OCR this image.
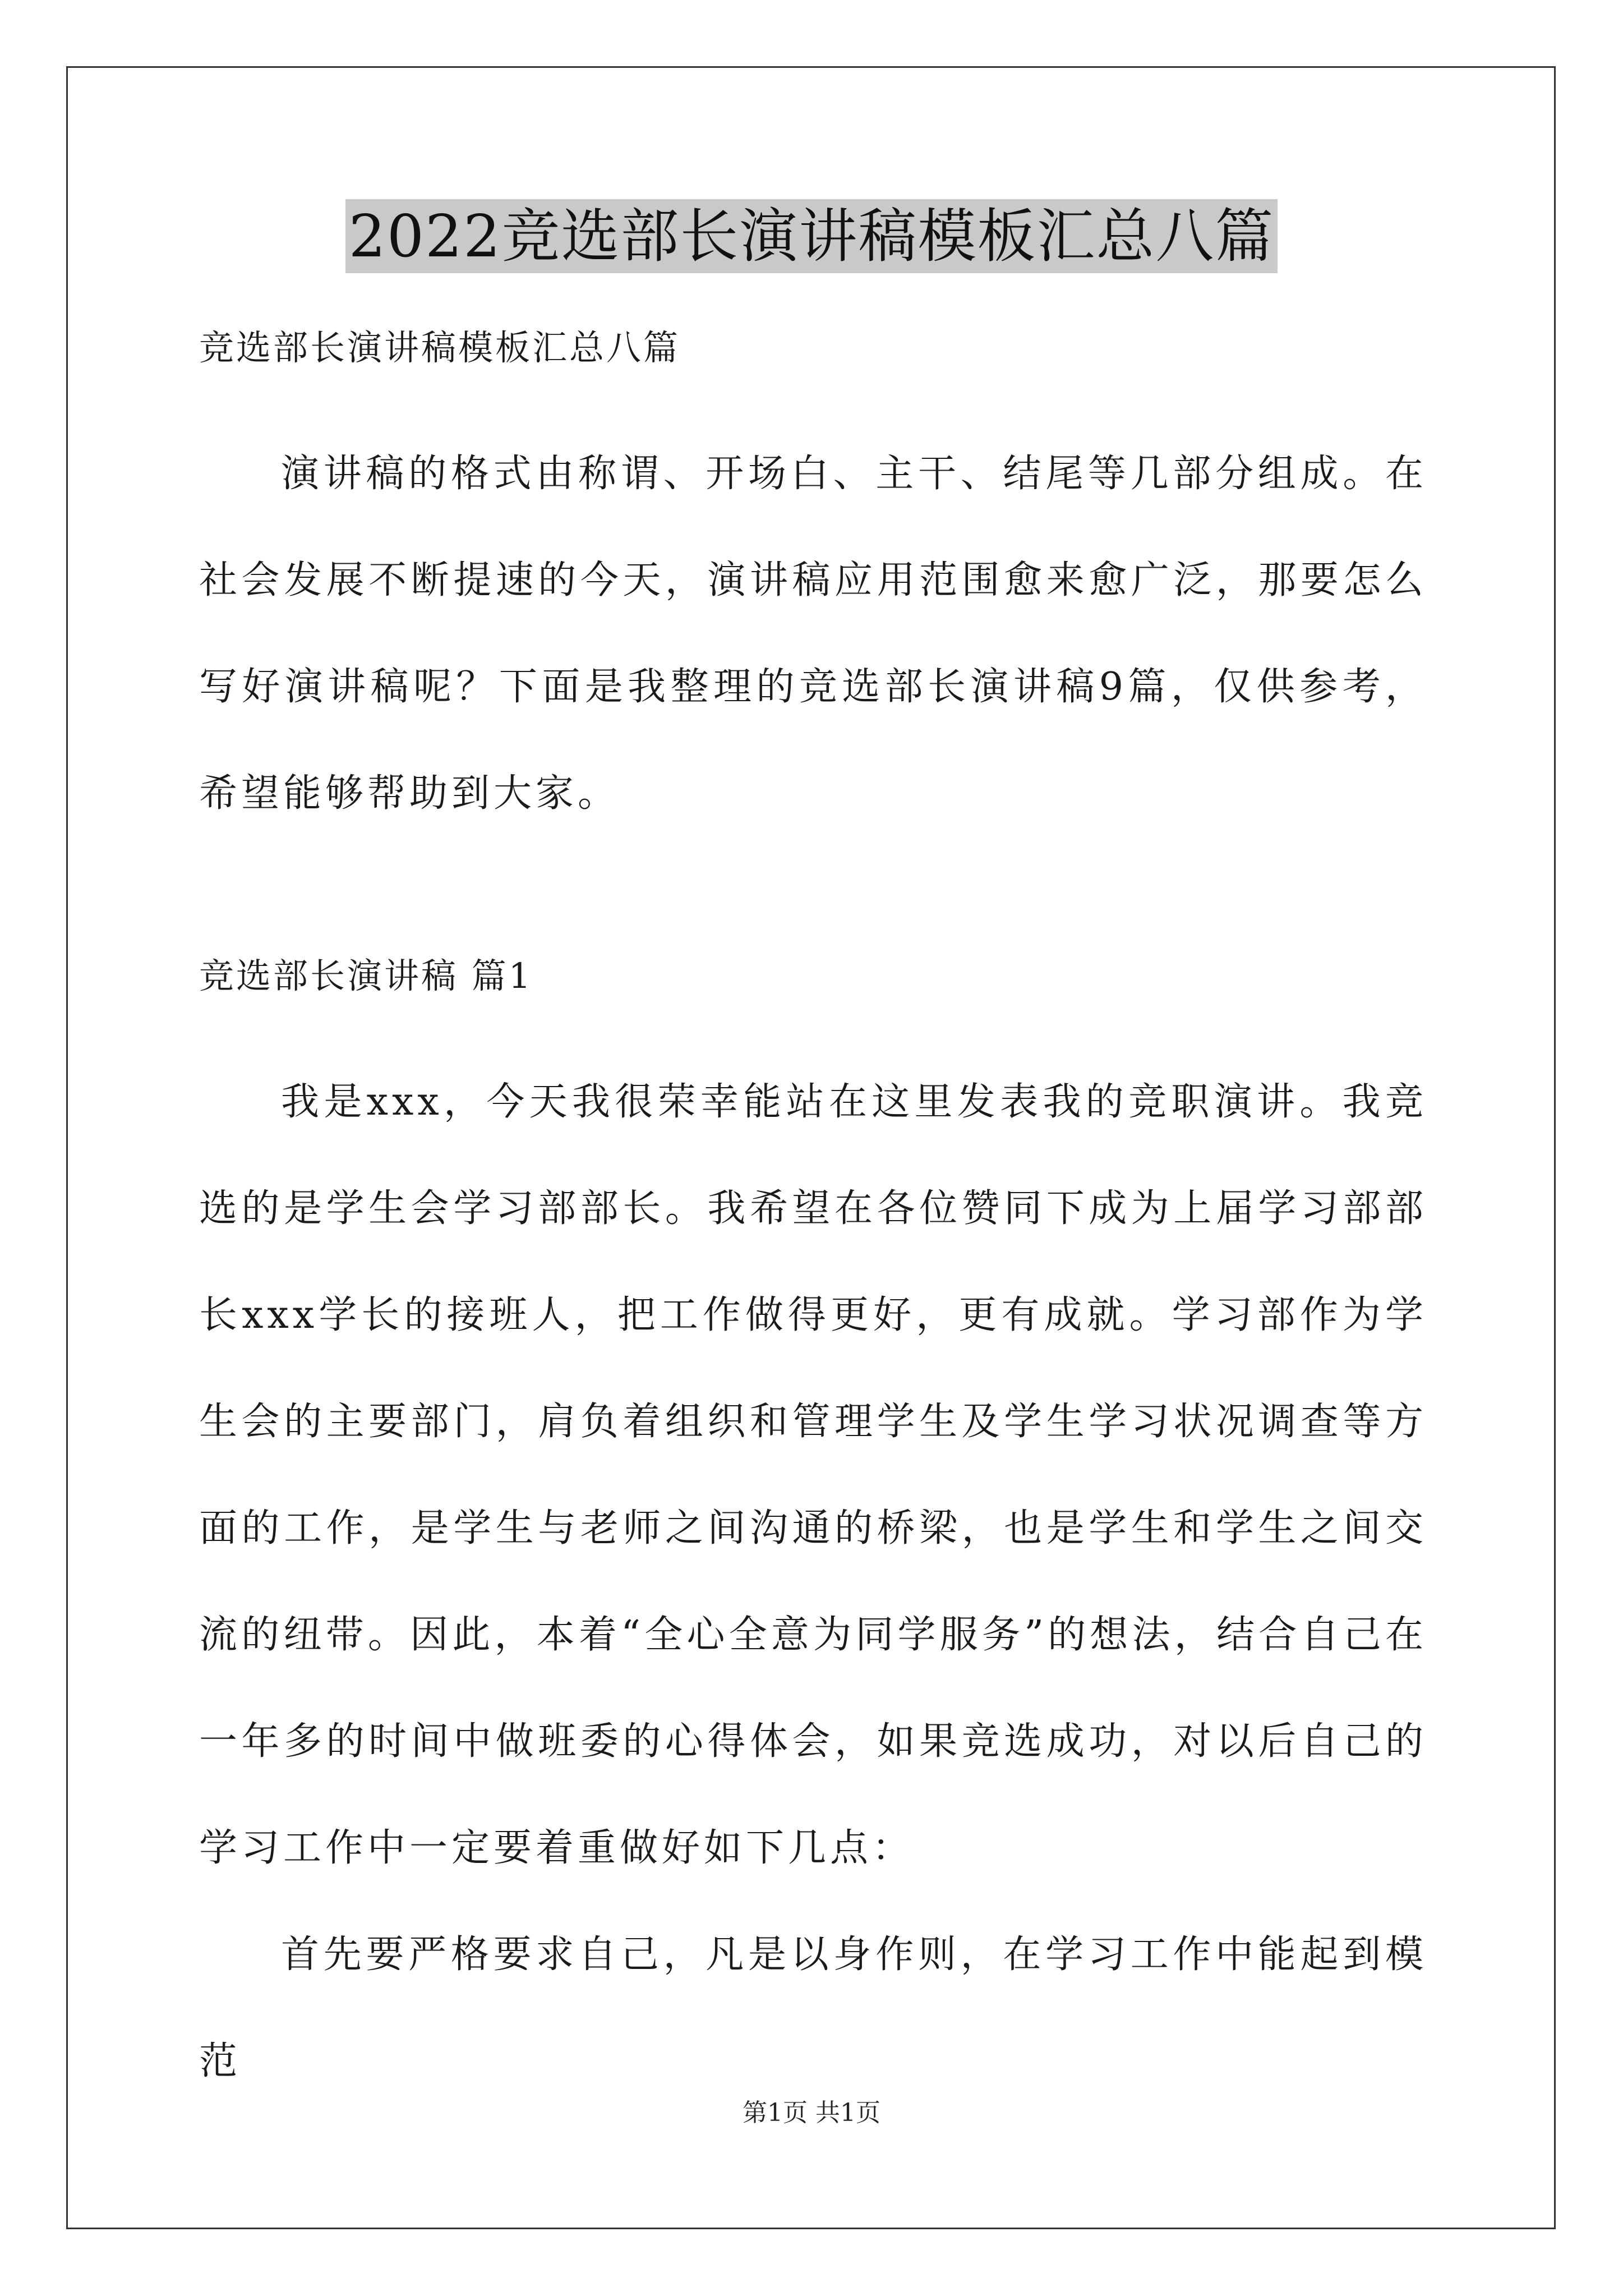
2022竞选部长演讲稿模板汇总八篇

竞选部长演讲稿模板汇总八篇

演讲稿的格式由称谓、开场白、主干、结尾等几部分组成。在社会发展不断提速的今天，演讲稿应用范围愈来愈广泛，那要怎么写好演讲稿呢？下面是我整理的竞选部长演讲稿9篇，仅供参考，希望能够帮助到大家。

竞选部长演讲稿 篇1

我是xxx，今天我很荣幸能站在这里发表我的竞职演讲。我竞选的是学生会学习部部长。我希望在各位赞同下成为上届学习部部长xxx学长的接班人，把工作做得更好，更有成就。学习部作为学生会的主要部门，肩负着组织和管理学生及学生学习状况调查等方面的工作，是学生与老师之间沟通的桥梁，也是学生和学生之间交流的纽带。因此，本着“全心全意为同学服务”的想法，结合自己在一年多的时间中做班委的心得体会，如果竞选成功，对以后自己的学习工作中一定要着重做好如下几点：

首先要严格要求自己，凡是以身作则，在学习工作中能起到模范

第1页 共1页
